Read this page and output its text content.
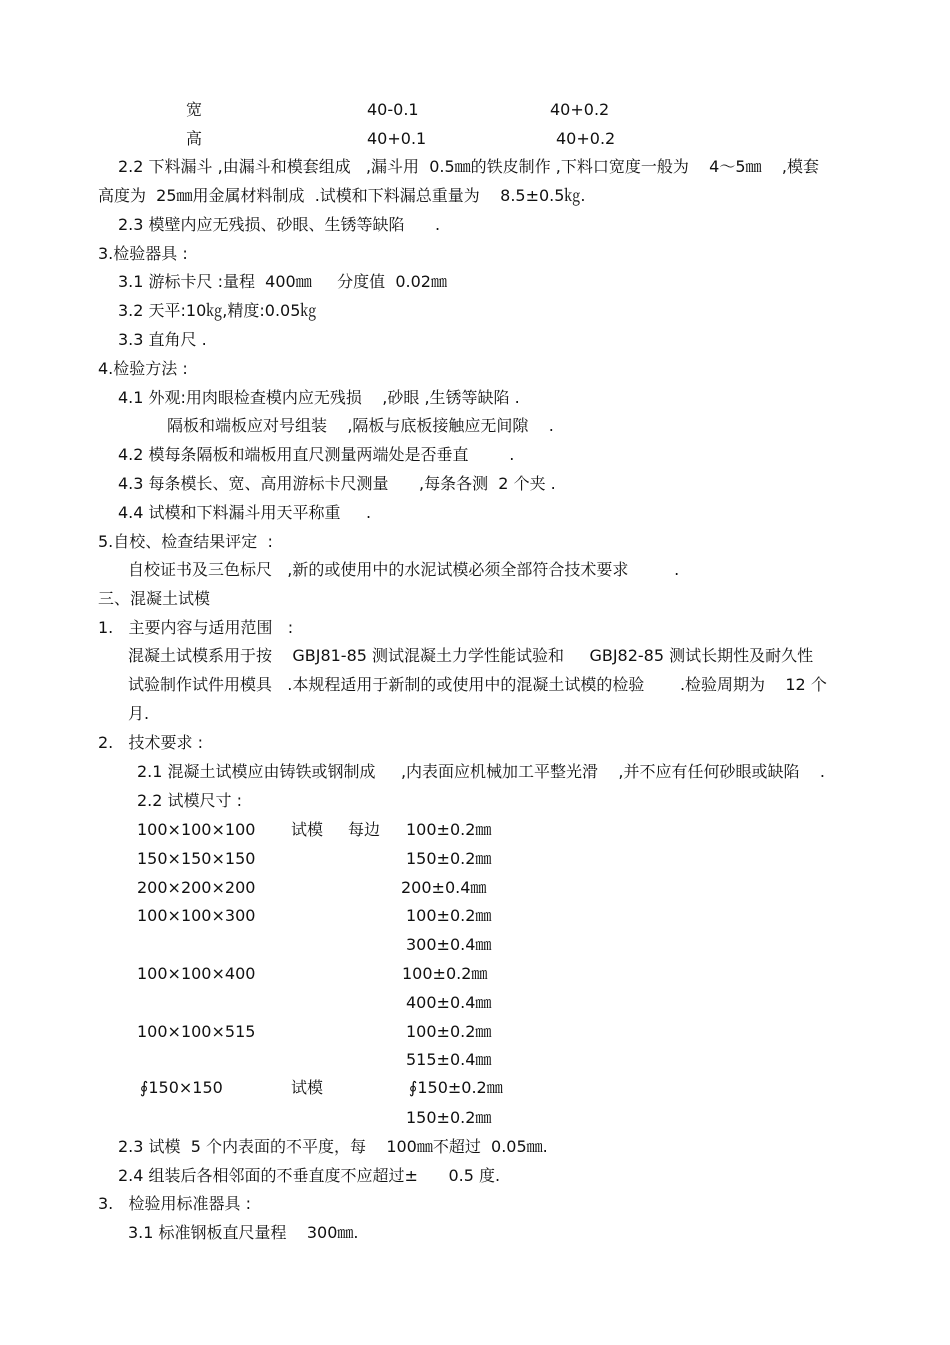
宽	40-0.1	40+0.2
高	40+0.1	40+0.2
2.2 下料漏斗 ,由漏斗和模套组成   ,漏斗用  0.5㎜的铁皮制作 ,下料口宽度一般为    4～5㎜    ,模套
高度为  25㎜用金属材料制成  .试模和下料漏总重量为    8.5±0.5㎏.
2.3 模壁内应无残损、砂眼、生锈等缺陷      .
3.检验器具 :
3.1 游标卡尺 :量程  400㎜     分度值  0.02㎜
3.2 天平:10㎏,精度:0.05㎏
3.3 直角尺 .
4.检验方法 :
4.1 外观:用肉眼检查模内应无残损    ,砂眼 ,生锈等缺陷 .
隔板和端板应对号组装    ,隔板与底板接触应无间隙    .
4.2 模每条隔板和端板用直尺测量两端处是否垂直        .
4.3 每条模长、宽、高用游标卡尺测量      ,每条各测  2 个夹 .
4.4 试模和下料漏斗用天平称重     .
5.自校、检查结果评定  :
自校证书及三色标尺   ,新的或使用中的水泥试模必须全部符合技术要求         .
三、混凝土试模
1.   主要内容与适用范围   :
混凝土试模系用于按    GBJ81-85 测试混凝土力学性能试验和     GBJ82-85 测试长期性及耐久性
试验制作试件用模具   .本规程适用于新制的或使用中的混凝土试模的检验       .检验周期为    12 个
月.
2.   技术要求 :
2.1 混凝土试模应由铸铁或钢制成     ,内表面应机械加工平整光滑    ,并不应有任何砂眼或缺陷    .
2.2 试模尺寸 :
100×100×100 试模 每边 100±0.2㎜
150×150×150	150±0.2㎜
200×200×200	200±0.4㎜
100×100×300	100±0.2㎜
300±0.4㎜
100×100×400	100±0.2㎜
400±0.4㎜
100×100×515	100±0.2㎜
515±0.4㎜
∮150×150	试模	∮150±0.2㎜
150±0.2㎜
2.3 试模  5 个内表面的不平度，每    100㎜不超过  0.05㎜.
2.4 组装后各相邻面的不垂直度不应超过±      0.5 度.
3.   检验用标准器具 :
3.1 标准钢板直尺量程    300㎜.
